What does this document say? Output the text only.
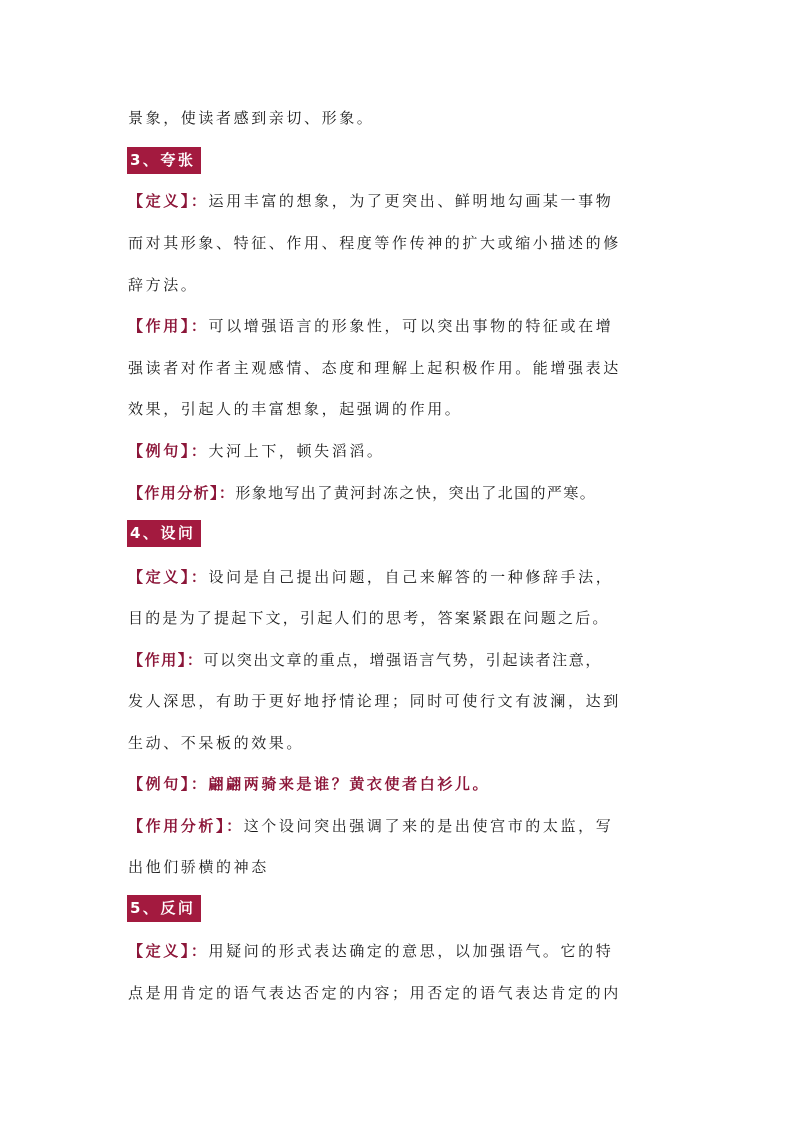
景象，使读者感到亲切、形象。
3、夸张
【定义】：运用丰富的想象，为了更突出、鲜明地勾画某一事物
而对其形象、特征、作用、程度等作传神的扩大或缩小描述的修
辞方法。
【作用】：可以增强语言的形象性，可以突出事物的特征或在增
强读者对作者主观感情、态度和理解上起积极作用。能增强表达
效果，引起人的丰富想象，起强调的作用。
【例句】：大河上下，顿失滔滔。
【作用分析】：形象地写出了黄河封冻之快，突出了北国的严寒。
4、设问
【定义】：设问是自己提出问题，自己来解答的一种修辞手法，
目的是为了提起下文，引起人们的思考，答案紧跟在问题之后。
【作用】：可以突出文章的重点，增强语言气势，引起读者注意，
发人深思，有助于更好地抒情论理；同时可使行文有波澜，达到
生动、不呆板的效果。
【例句】：翩翩两骑来是谁？黄衣使者白衫儿。
【作用分析】：这个设问突出强调了来的是出使宫市的太监，写
出他们骄横的神态
5、反问
【定义】：用疑问的形式表达确定的意思，以加强语气。它的特
点是用肯定的语气表达否定的内容；用否定的语气表达肯定的内
